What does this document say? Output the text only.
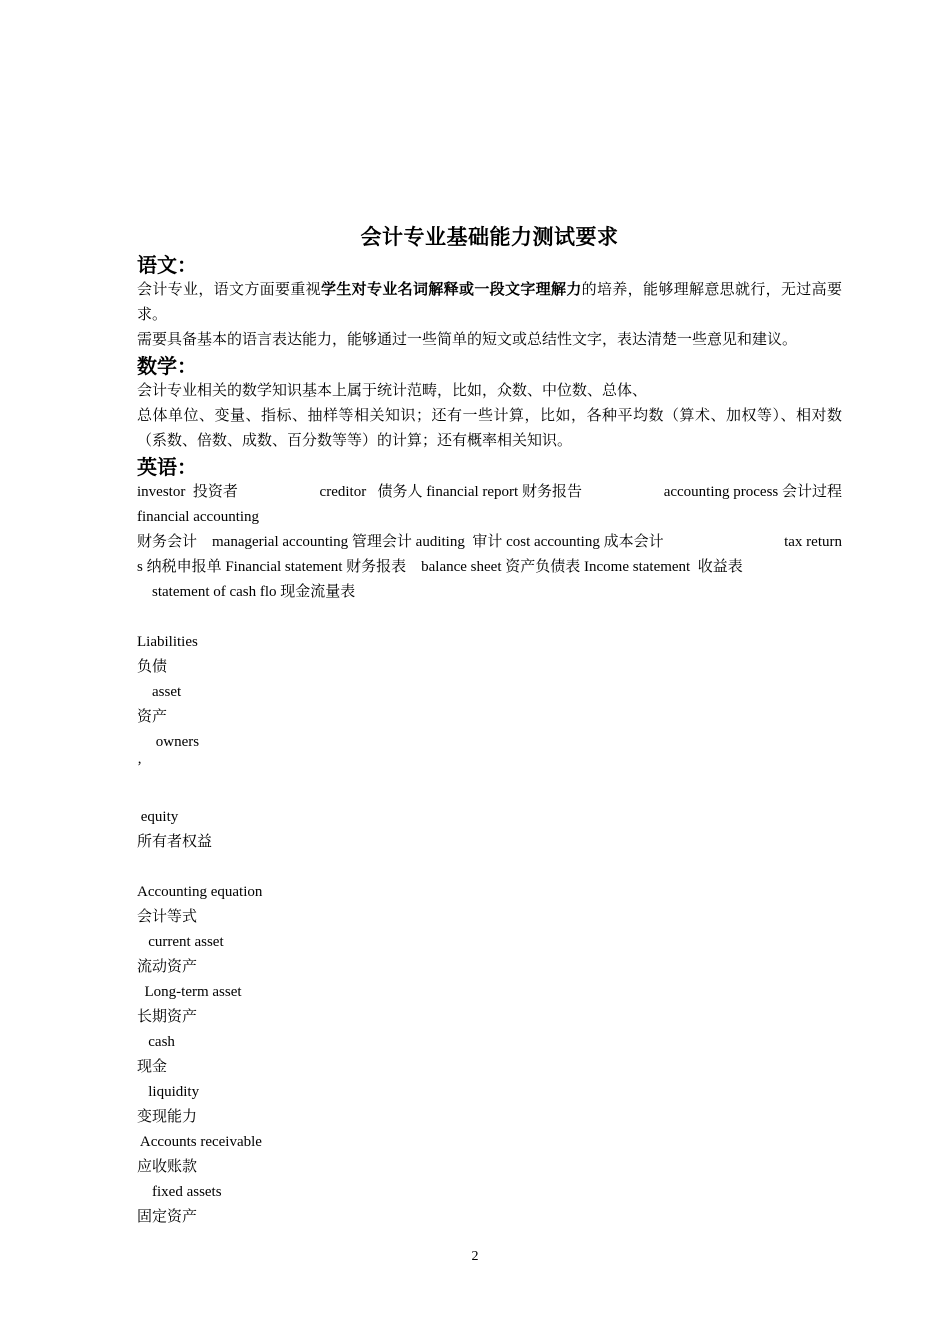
会计专业基础能力测试要求
语文：
会计专业，语文方面要重视学生对专业名词解释或一段文字理解力的培养，能够理解意思就行，无过高要求。
需要具备基本的语言表达能力，能够通过一些简单的短文或总结性文字，表达清楚一些意见和建议。
数学：
会计专业相关的数学知识基本上属于统计范畴，比如，众数、中位数、总体、
总体单位、变量、指标、抽样等相关知识；还有一些计算，比如，各种平均数（算术、加权等）、相对数（系数、倍数、成数、百分数等等）的计算；还有概率相关知识。
英语：
investor  投资者	creditor   债务人 financial report 财务报告	accounting process 会计过程
financial accounting
财务会计    managerial accounting 管理会计 auditing  审计 cost accounting 成本会计	tax return
s 纳税申报单 Financial statement 财务报表    balance sheet 资产负债表 Income statement  收益表
statement of cash flo 现金流量表
Liabilities
负债
asset
资产
owners
’
equity
所有者权益
Accounting equation
会计等式
current asset
流动资产
Long-term asset
长期资产
cash
现金
liquidity
变现能力
Accounts receivable
应收账款
fixed assets
固定资产
2
